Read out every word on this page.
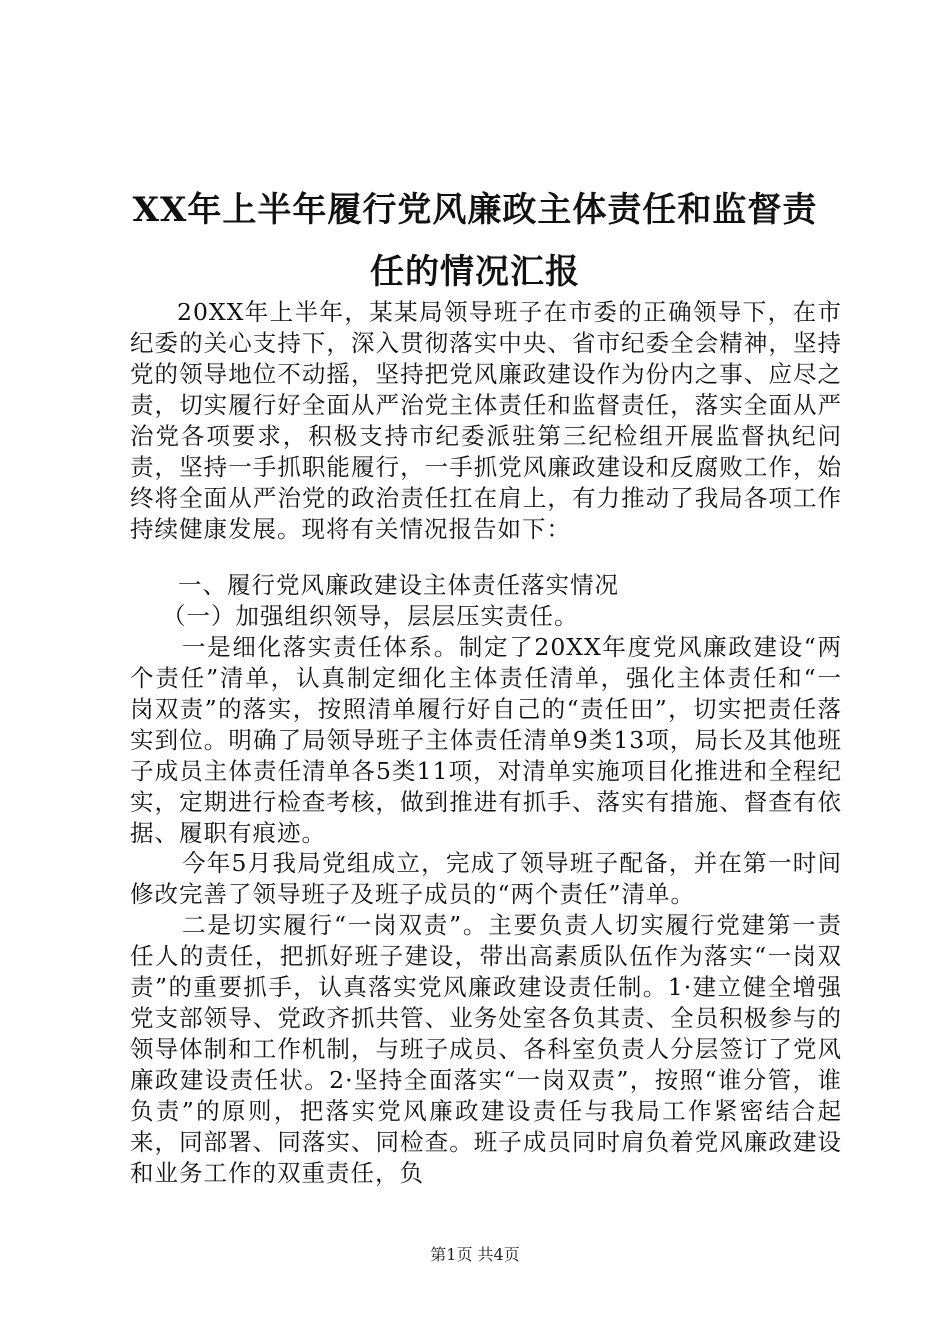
XX年上半年履行党风廉政主体责任和监督责
任的情况汇报
20XX年上半年，某某局领导班子在市委的正确领导下，在市纪委的关心支持下，深入贯彻落实中央、省市纪委全会精神，坚持党的领导地位不动摇，坚持把党风廉政建设作为份内之事、应尽之责，切实履行好全面从严治党主体责任和监督责任，落实全面从严治党各项要求，积极支持市纪委派驻第三纪检组开展监督执纪问责，坚持一手抓职能履行，一手抓党风廉政建设和反腐败工作，始终将全面从严治党的政治责任扛在肩上，有力推动了我局各项工作持续健康发展。现将有关情况报告如下：
一、履行党风廉政建设主体责任落实情况
（一）加强组织领导，层层压实责任。
一是细化落实责任体系。制定了20XX年度党风廉政建设“两个责任”清单，认真制定细化主体责任清单，强化主体责任和“一岗双责”的落实，按照清单履行好自己的“责任田”，切实把责任落实到位。明确了局领导班子主体责任清单9类13项，局长及其他班子成员主体责任清单各5类11项，对清单实施项目化推进和全程纪实，定期进行检查考核，做到推进有抓手、落实有措施、督查有依据、履职有痕迹。
今年5月我局党组成立，完成了领导班子配备，并在第一时间修改完善了领导班子及班子成员的“两个责任”清单。
二是切实履行“一岗双责”。主要负责人切实履行党建第一责任人的责任，把抓好班子建设，带出高素质队伍作为落实“一岗双责”的重要抓手，认真落实党风廉政建设责任制。1·建立健全增强党支部领导、党政齐抓共管、业务处室各负其责、全员积极参与的领导体制和工作机制，与班子成员、各科室负责人分层签订了党风廉政建设责任状。2·坚持全面落实“一岗双责”，按照“谁分管，谁负责”的原则，把落实党风廉政建设责任与我局工作紧密结合起来，同部署、同落实、同检查。班子成员同时肩负着党风廉政建设和业务工作的双重责任，负
第1页 共4页
